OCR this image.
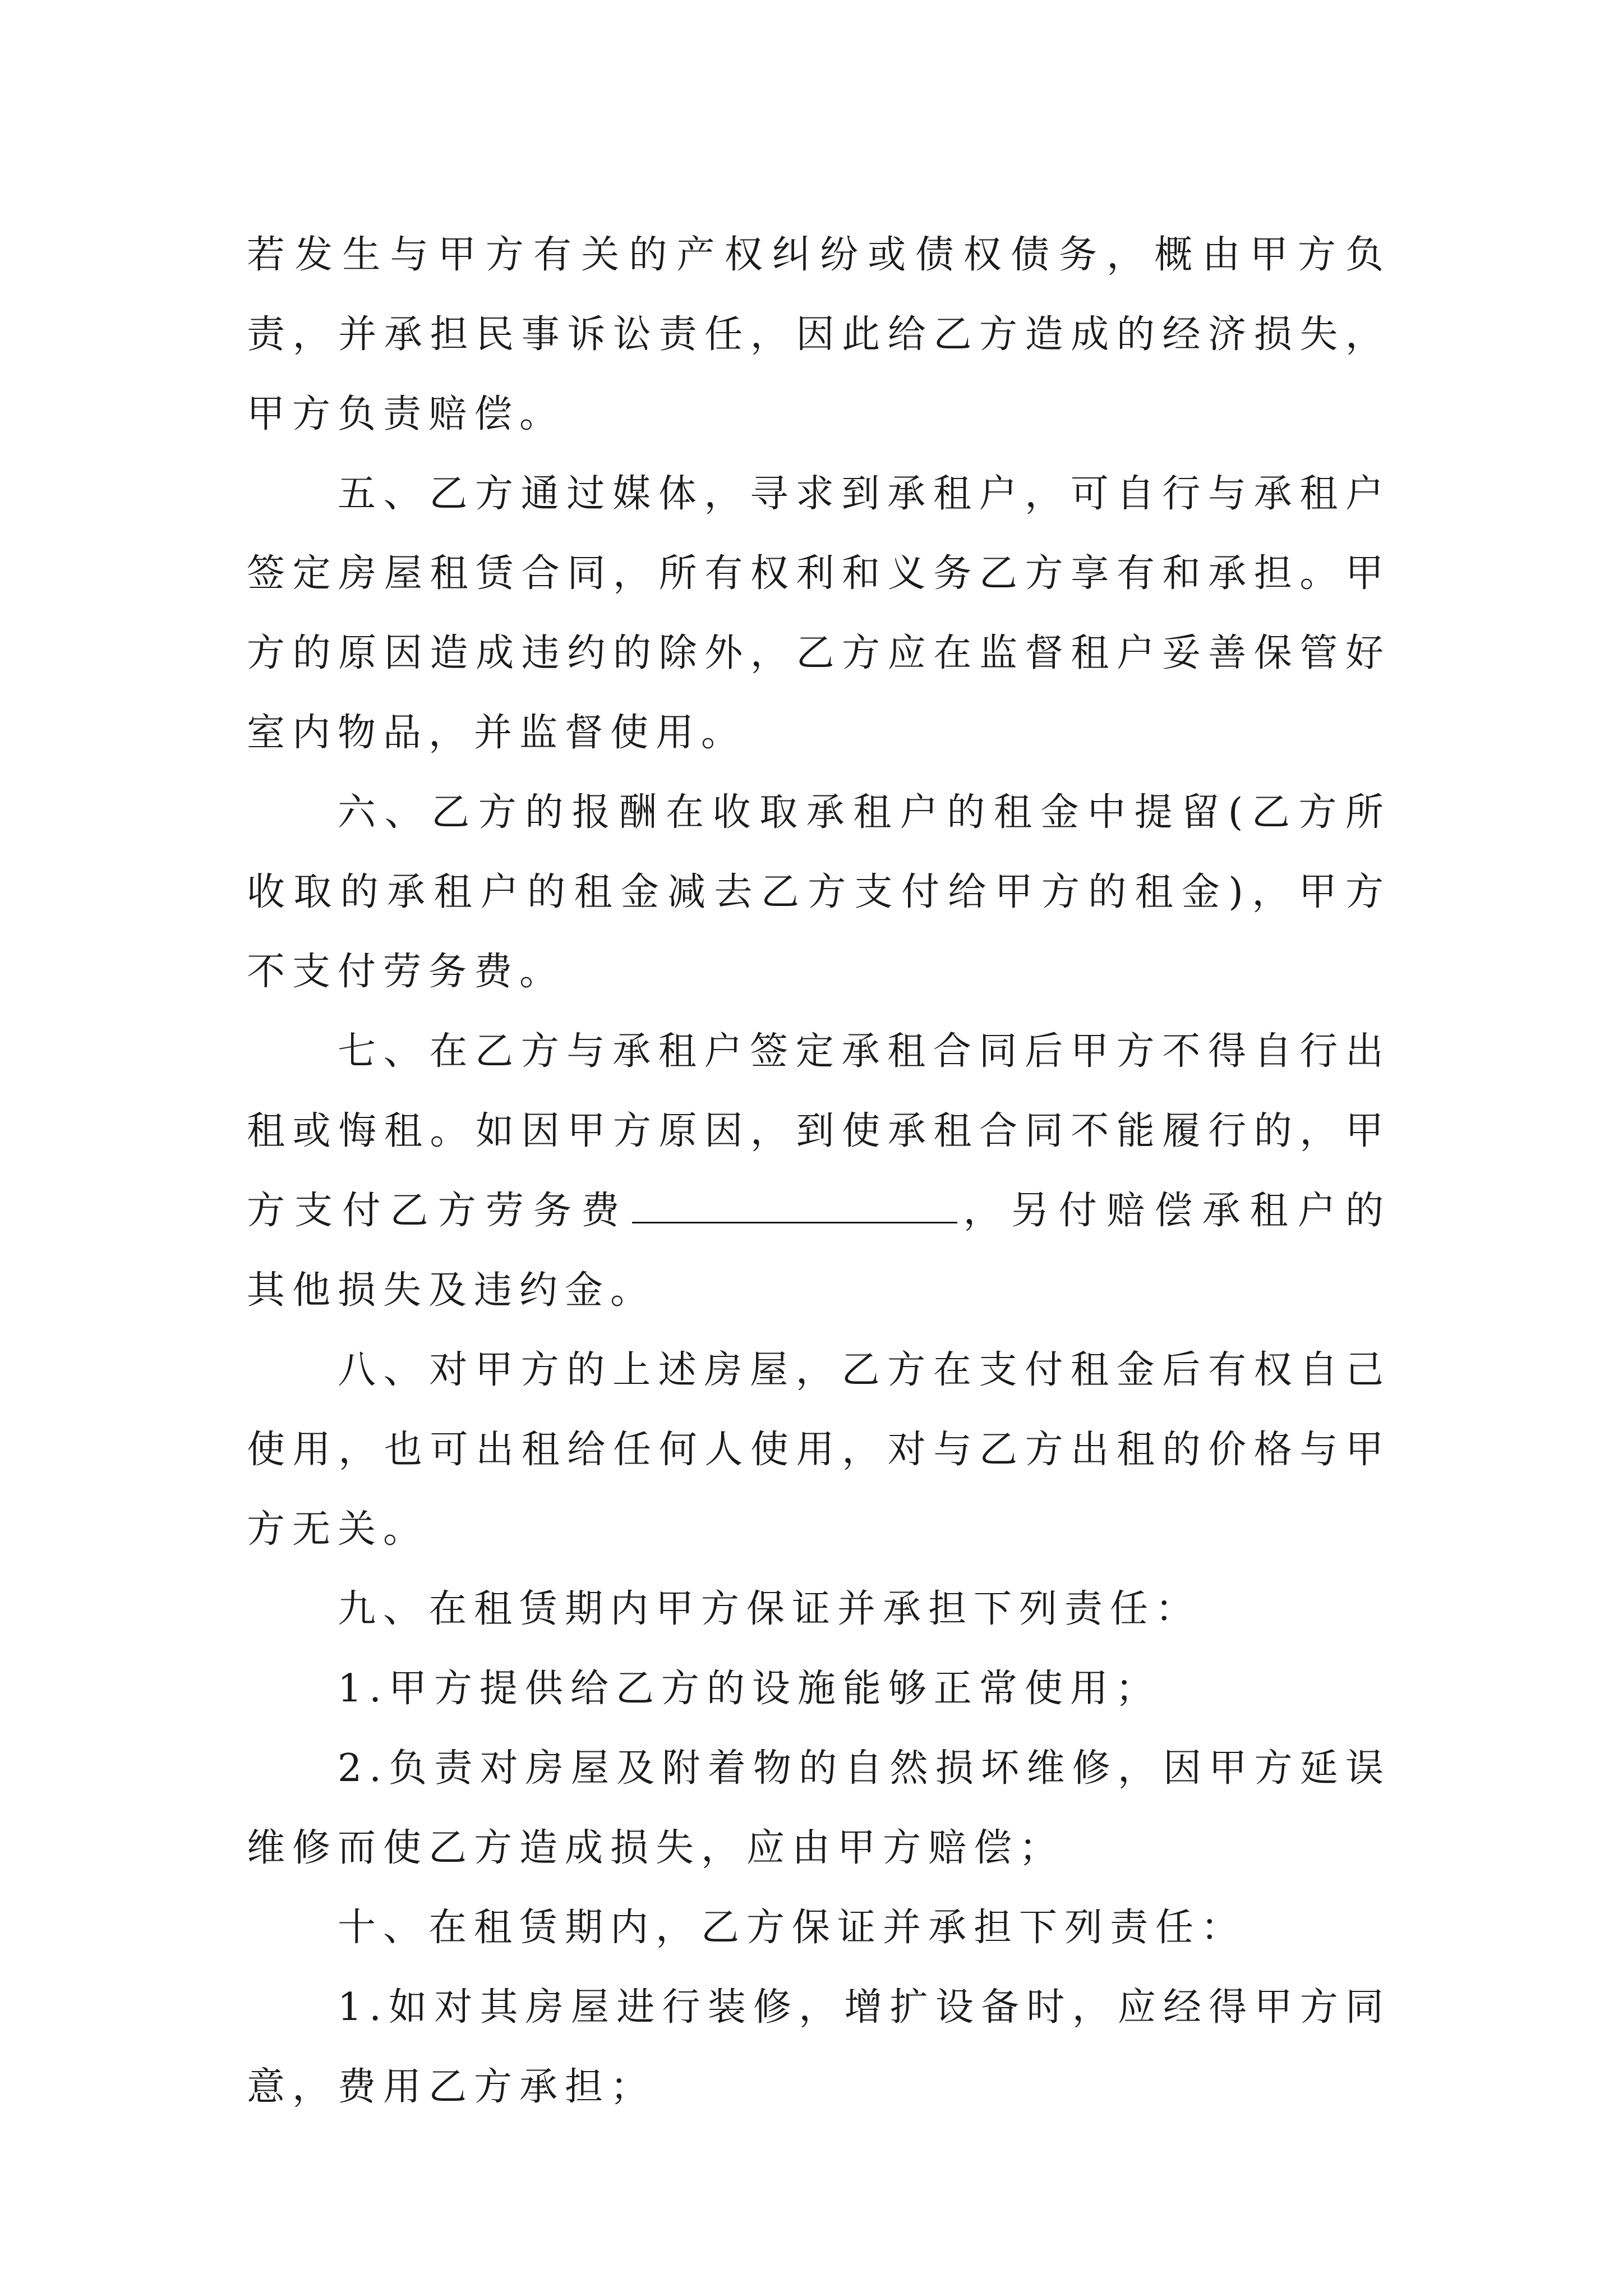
若发生与甲方有关的产权纠纷或债权债务，概由甲方负责，并承担民事诉讼责任，因此给乙方造成的经济损失，甲方负责赔偿。

五、乙方通过媒体，寻求到承租户，可自行与承租户签定房屋租赁合同，所有权利和义务乙方享有和承担。甲方的原因造成违约的除外，乙方应在监督租户妥善保管好室内物品，并监督使用。

六、乙方的报酬在收取承租户的租金中提留(乙方所收取的承租户的租金减去乙方支付给甲方的租金)，甲方不支付劳务费。

七、在乙方与承租户签定承租合同后甲方不得自行出租或悔租。如因甲方原因，到使承租合同不能履行的，甲方支付乙方劳务费	，另付赔偿承租户的其他损失及违约金。

八、对甲方的上述房屋，乙方在支付租金后有权自己使用，也可出租给任何人使用，对与乙方出租的价格与甲方无关。

九、在租赁期内甲方保证并承担下列责任：

1.甲方提供给乙方的设施能够正常使用；

2.负责对房屋及附着物的自然损坏维修，因甲方延误维修而使乙方造成损失，应由甲方赔偿；

十、在租赁期内，乙方保证并承担下列责任：

1.如对其房屋进行装修，增扩设备时，应经得甲方同意，费用乙方承担；
